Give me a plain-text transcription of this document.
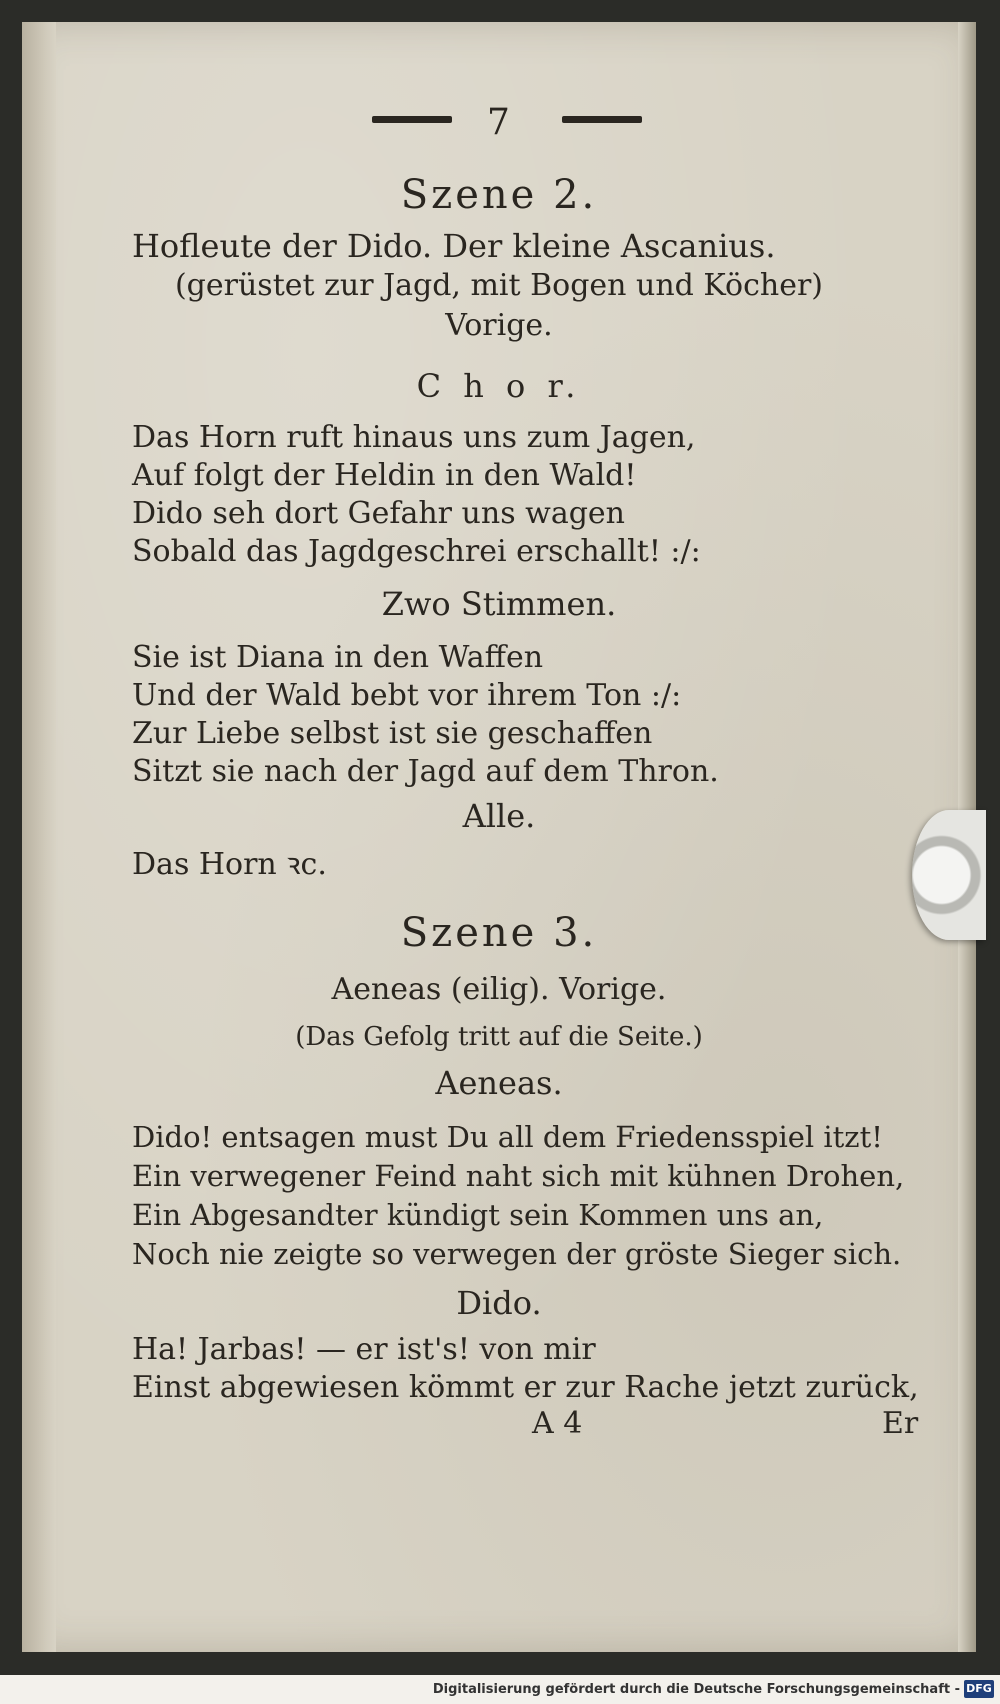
7
Szene 2.
Hofleute der Dido. Der kleine Ascanius.
(gerüstet zur Jagd, mit Bogen und Köcher)
Vorige.
C h o r.
Das Horn ruft hinaus uns zum Jagen,
Auf folgt der Heldin in den Wald!
Dido seh dort Gefahr uns wagen
Sobald das Jagdgeschrei erschallt! :/:
Zwo Stimmen.
Sie ist Diana in den Waffen
Und der Wald bebt vor ihrem Ton :/:
Zur Liebe selbst ist sie geschaffen
Sitzt sie nach der Jagd auf dem Thron.
Alle.
Das Horn ꝛc.
Szene 3.
Aeneas (eilig). Vorige.
(Das Gefolg tritt auf die Seite.)
Aeneas.
Dido! entsagen must Du all dem Friedensspiel itzt!
Ein verwegener Feind naht sich mit kühnen Drohen,
Ein Abgesandter kündigt sein Kommen uns an,
Noch nie zeigte so verwegen der gröste Sieger sich.
Dido.
Ha! Jarbas! — er ist's! von mir
Einst abgewiesen kömmt er zur Rache jetzt zurück,
A 4	Er
Digitalisierung gefördert durch die Deutsche Forschungsgemeinschaft - DFG
